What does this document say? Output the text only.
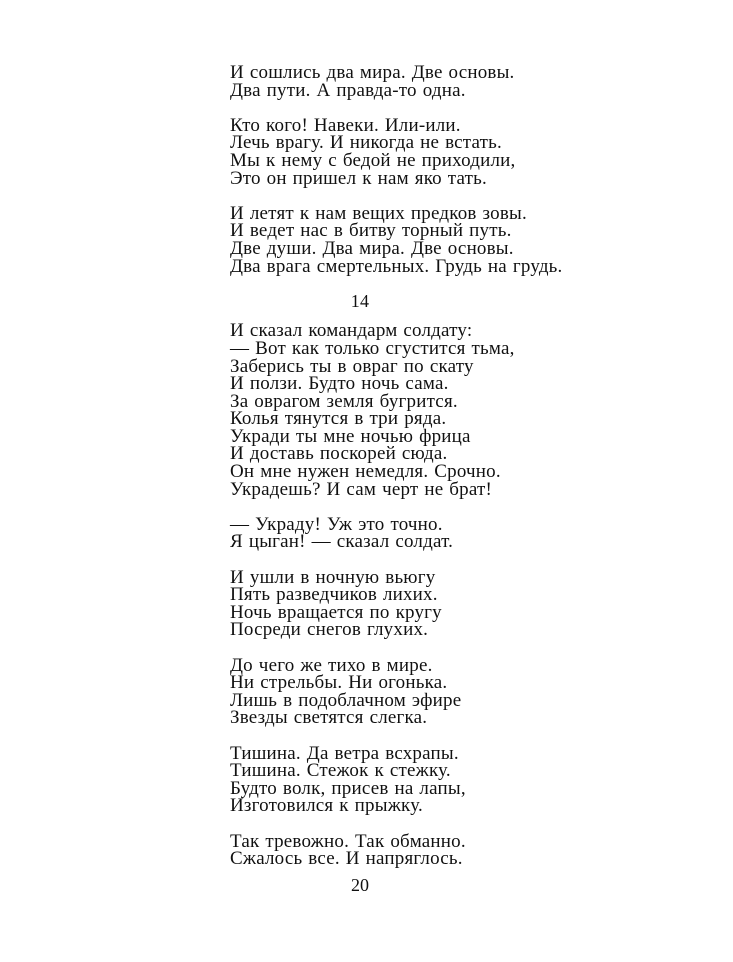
И сошлись два мира. Две основы.
Два пути. А правда-то одна.
Кто кого! Навеки. Или-или.
Лечь врагу. И никогда не встать.
Мы к нему с бедой не приходили,
Это он пришел к нам яко тать.
И летят к нам вещих предков зовы.
И ведет нас в битву торный путь.
Две души. Два мира. Две основы.
Два врага смертельных. Грудь на грудь.
14
И сказал командарм солдату:
— Вот как только сгустится тьма,
Заберись ты в овраг по скату
И ползи. Будто ночь сама.
За оврагом земля бугрится.
Колья тянутся в три ряда.
Укради ты мне ночью фрица
И доставь поскорей сюда.
Он мне нужен немедля. Срочно.
Украдешь? И сам черт не брат!
— Украду! Уж это точно.
Я цыган! — сказал солдат.
И ушли в ночную вьюгу
Пять разведчиков лихих.
Ночь вращается по кругу
Посреди снегов глухих.
До чего же тихо в мире.
Ни стрельбы. Ни огонька.
Лишь в подоблачном эфире
Звезды светятся слегка.
Тишина. Да ветра всхрапы.
Тишина. Стежок к стежку.
Будто волк, присев на лапы,
Изготовился к прыжку.
Так тревожно. Так обманно.
Сжалось все. И напряглось.
20
